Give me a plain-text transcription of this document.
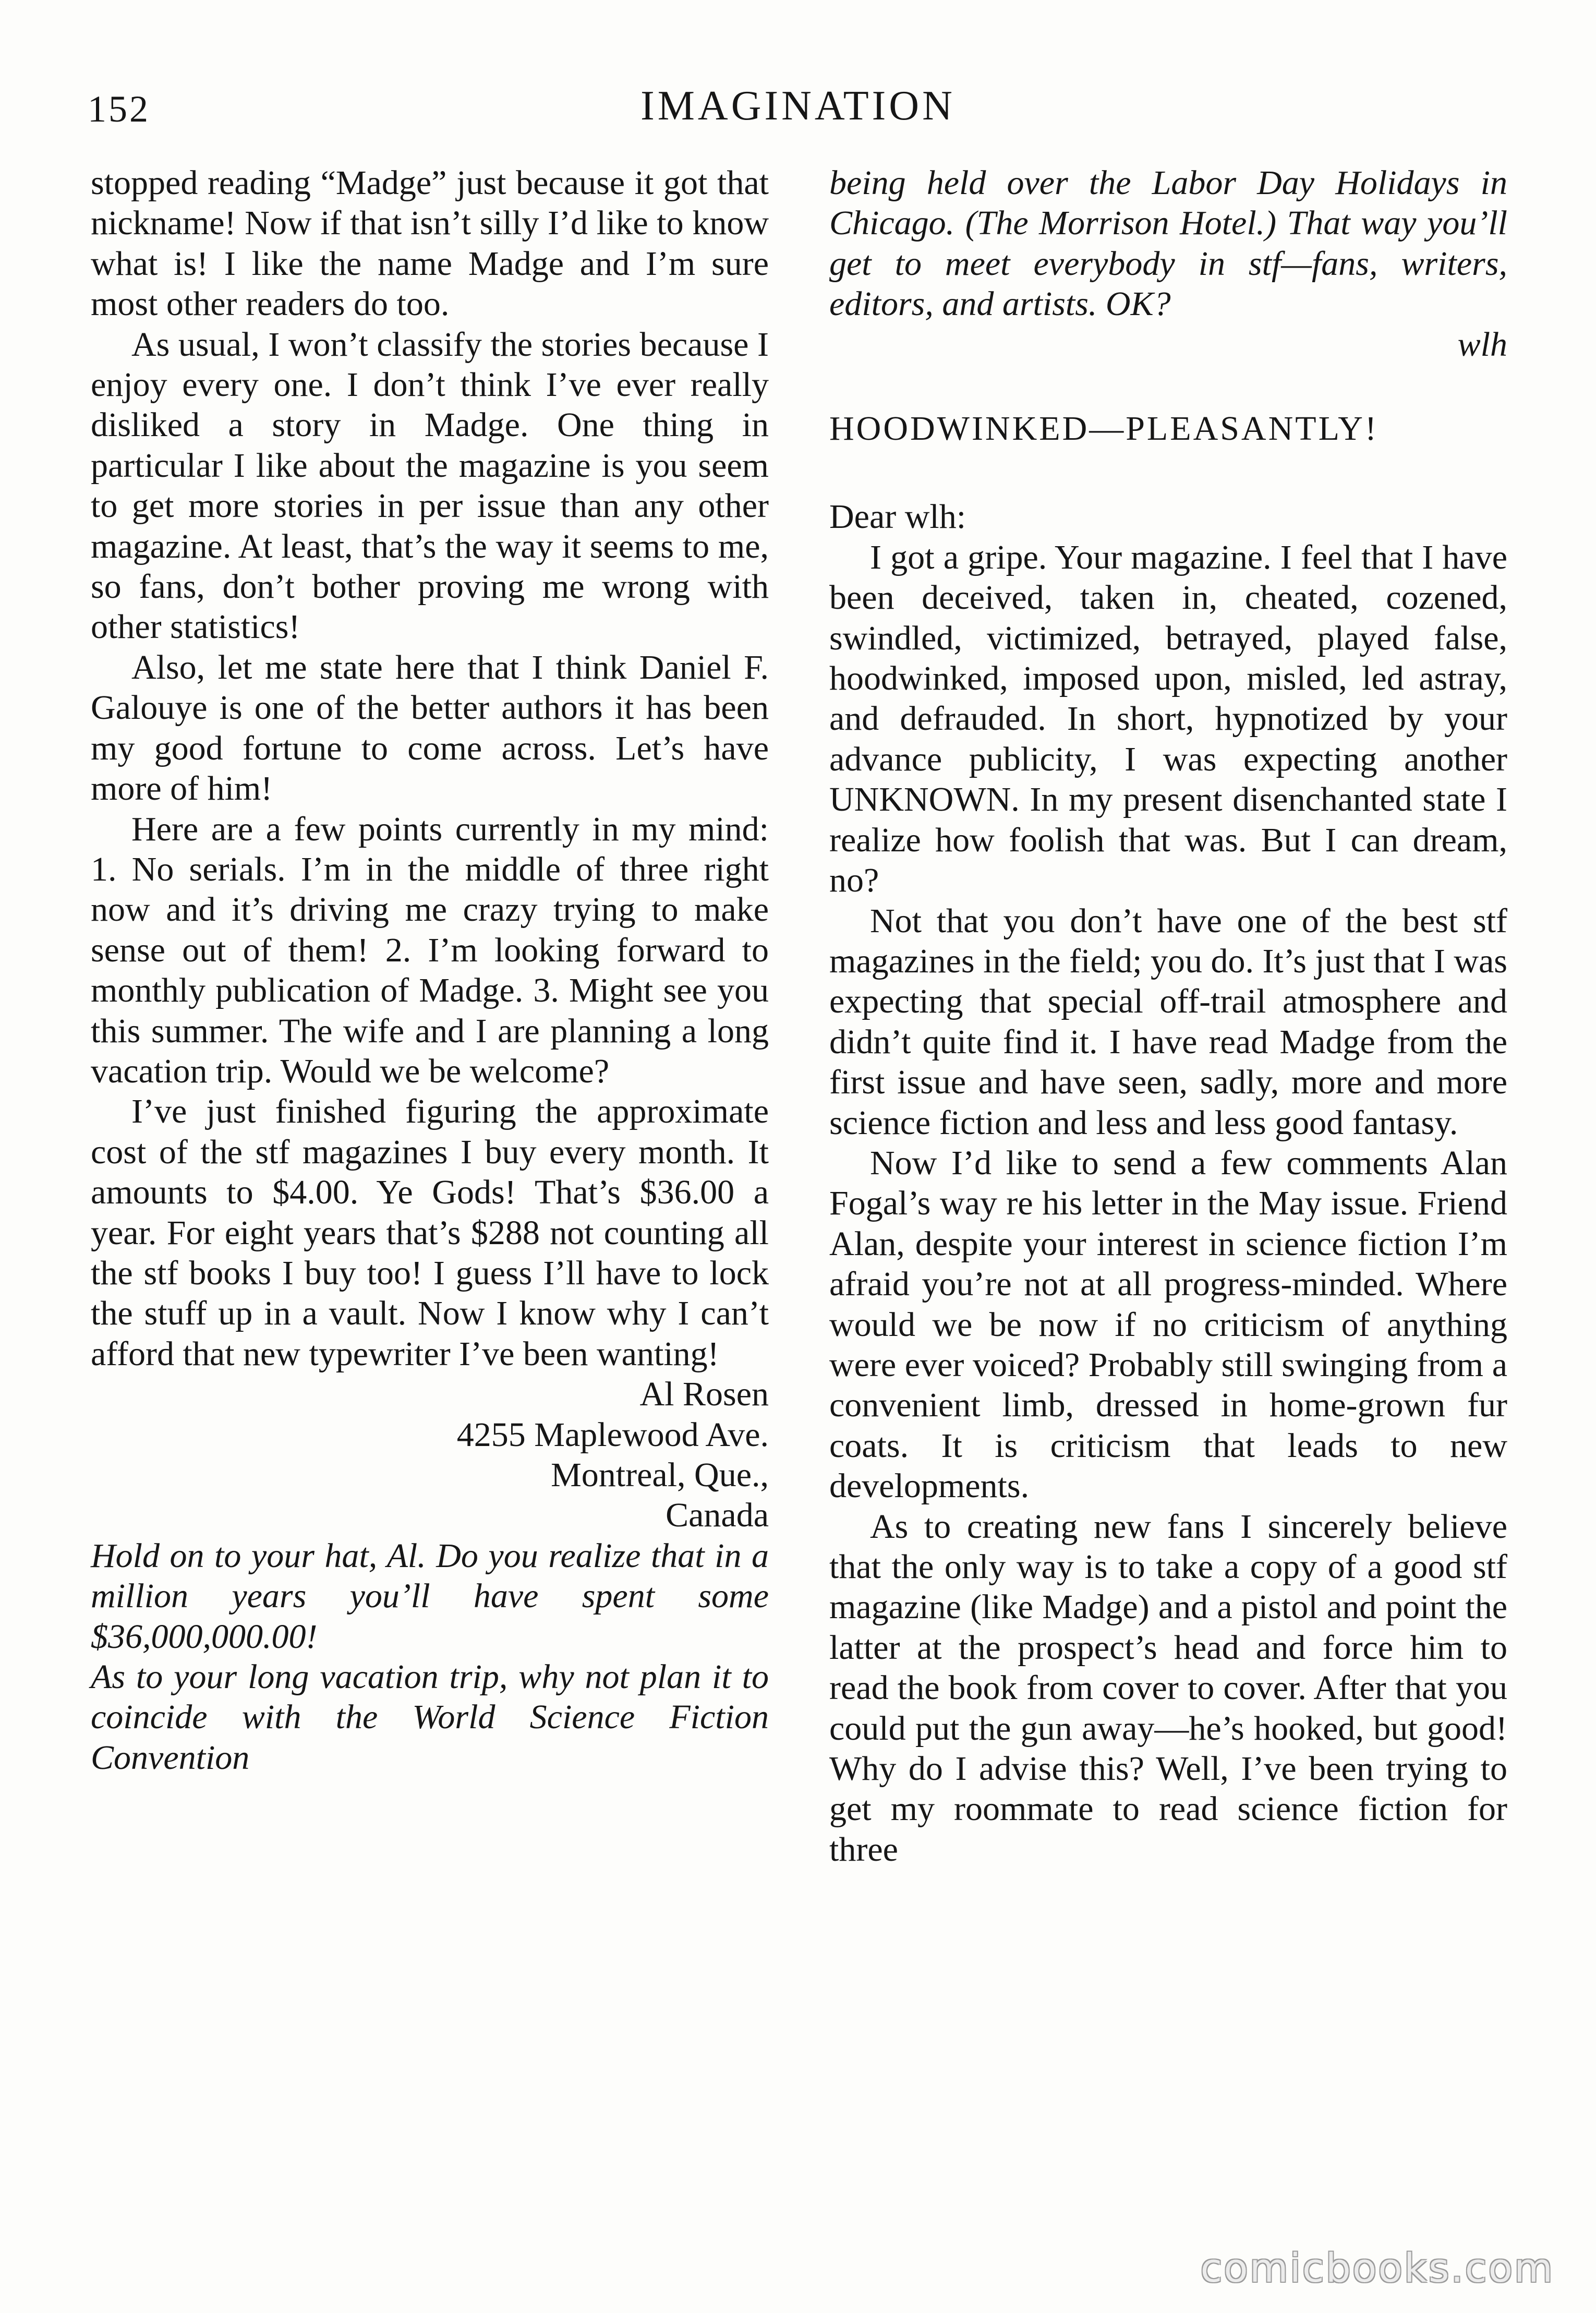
152	IMAGINATION

stopped reading “Madge” just because it got that nickname! Now if that isn’t silly I’d like to know what is! I like the name Madge and I’m sure most other readers do too.

As usual, I won’t classify the stories because I enjoy every one. I don’t think I’ve ever really disliked a story in Madge. One thing in particular I like about the magazine is you seem to get more stories in per issue than any other magazine. At least, that’s the way it seems to me, so fans, don’t bother proving me wrong with other statistics!

Also, let me state here that I think Daniel F. Galouye is one of the better authors it has been my good fortune to come across. Let’s have more of him!

Here are a few points currently in my mind: 1. No serials. I’m in the middle of three right now and it’s driving me crazy trying to make sense out of them! 2. I’m looking forward to monthly publication of Madge. 3. Might see you this summer. The wife and I are planning a long vacation trip. Would we be welcome?

I’ve just finished figuring the approximate cost of the stf magazines I buy every month. It amounts to $4.00. Ye Gods! That’s $36.00 a year. For eight years that’s $288 not counting all the stf books I buy too! I guess I’ll have to lock the stuff up in a vault. Now I know why I can’t afford that new typewriter I’ve been wanting!

Al Rosen

4255 Maplewood Ave.

Montreal, Que.,

Canada

Hold on to your hat, Al. Do you realize that in a million years you’ll have spent some $36,000,000.00!

As to your long vacation trip, why not plan it to coincide with the World Science Fiction Convention

being held over the Labor Day Holidays in Chicago. (The Morrison Hotel.) That way you’ll get to meet everybody in stf—fans, writers, editors, and artists. OK?

wlh

HOODWINKED—PLEASANTLY!

Dear wlh:

I got a gripe. Your magazine. I feel that I have been deceived, taken in, cheated, cozened, swindled, victimized, betrayed, played false, hoodwinked, imposed upon, misled, led astray, and defrauded. In short, hypnotized by your advance publicity, I was expecting another UNKNOWN. In my present disenchanted state I realize how foolish that was. But I can dream, no?

Not that you don’t have one of the best stf magazines in the field; you do. It’s just that I was expecting that special off-trail atmosphere and didn’t quite find it. I have read Madge from the first issue and have seen, sadly, more and more science fiction and less and less good fantasy.

Now I’d like to send a few comments Alan Fogal’s way re his letter in the May issue. Friend Alan, despite your interest in science fiction I’m afraid you’re not at all progress-minded. Where would we be now if no criticism of anything were ever voiced? Probably still swinging from a convenient limb, dressed in home-grown fur coats. It is criticism that leads to new developments.

As to creating new fans I sincerely believe that the only way is to take a copy of a good stf magazine (like Madge) and a pistol and point the latter at the prospect’s head and force him to read the book from cover to cover. After that you could put the gun away—he’s hooked, but good! Why do I advise this? Well, I’ve been trying to get my roommate to read science fiction for three

comicbooks.com
